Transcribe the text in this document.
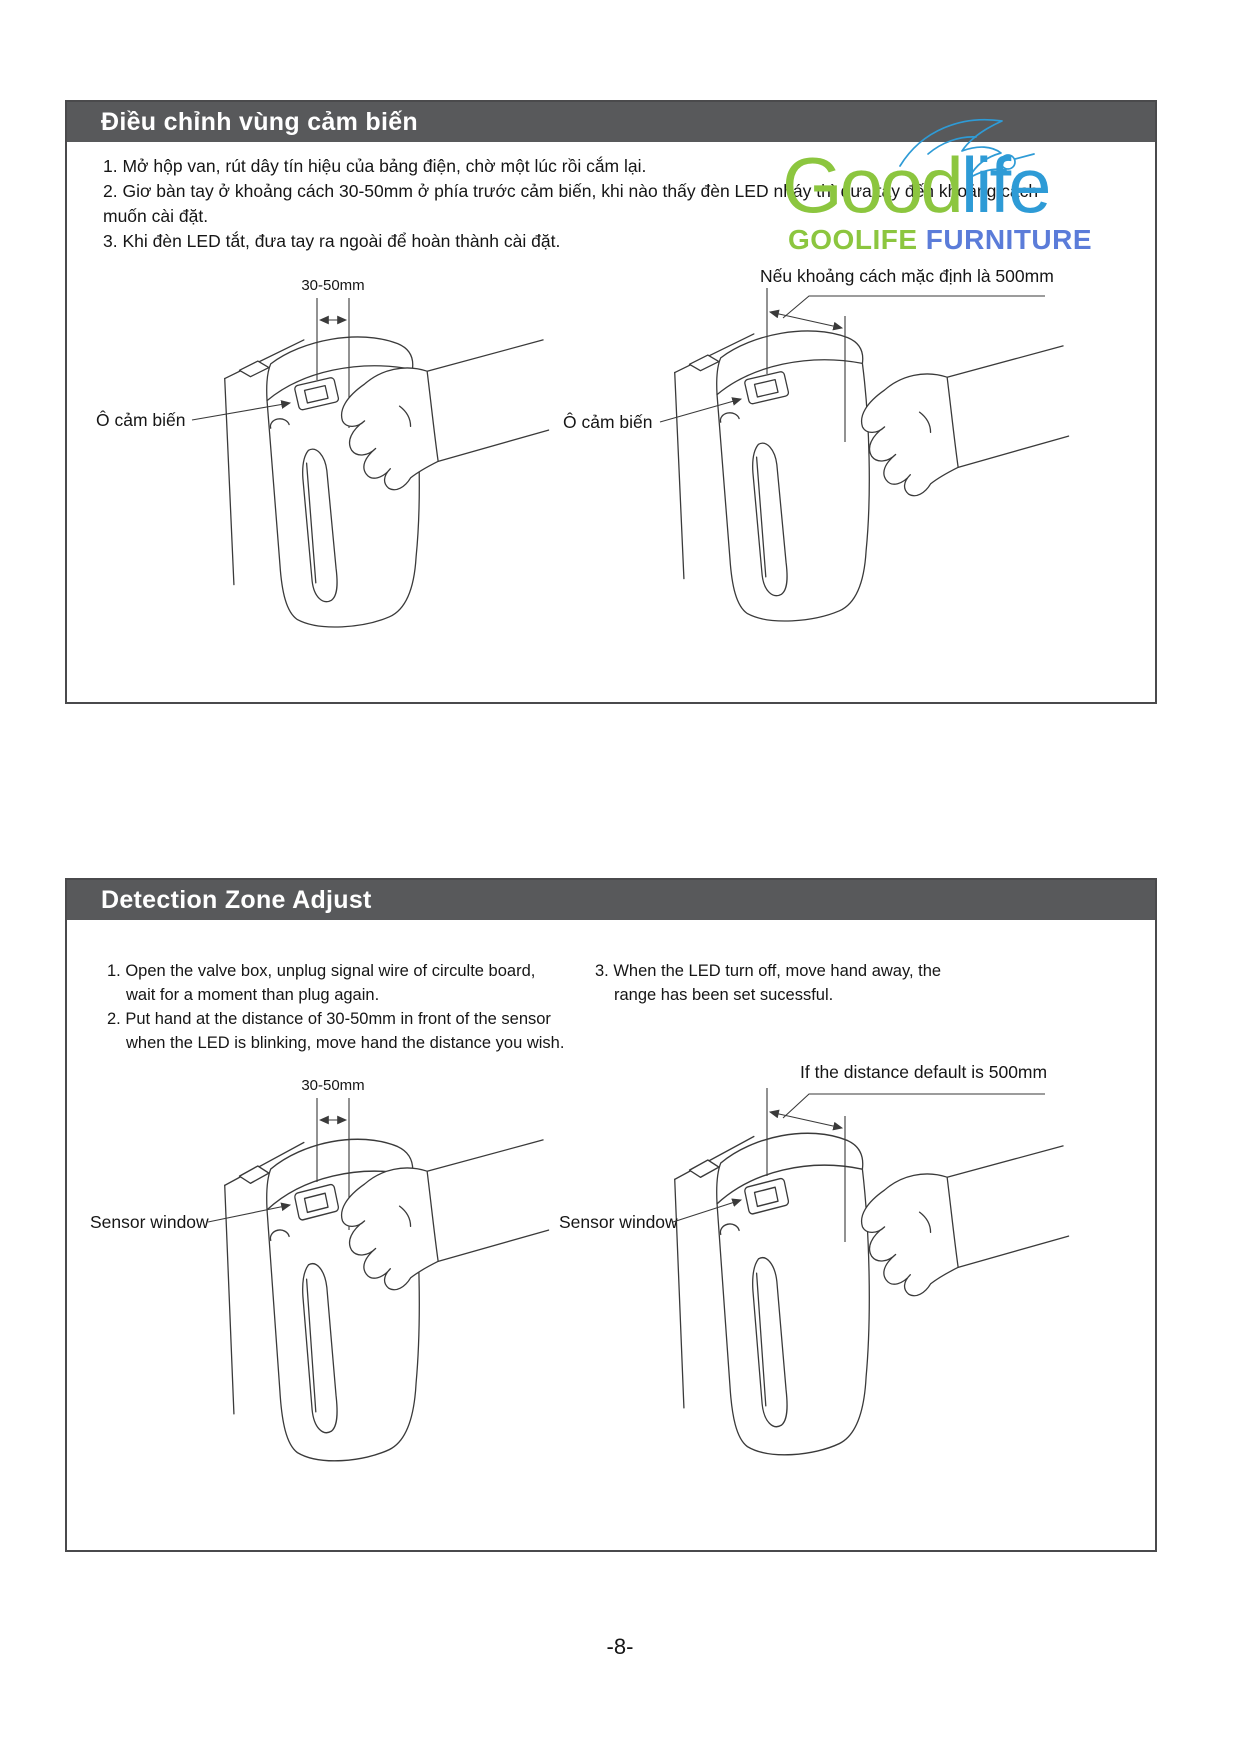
Điều chỉnh vùng cảm biến
1. Mở hộp van, rút dây tín hiệu của bảng điện, chờ một lúc rồi cắm lại.
2. Giơ bàn tay ở khoảng cách 30-50mm ở phía trước cảm biến, khi nào thấy đèn LED nháy thì đưa tay đến khoảng cách muốn cài đặt.
3. Khi đèn LED tắt, đưa tay ra ngoài để hoàn thành cài đặt.
Goodlife
GOOLIFE FURNITURE
30-50mm
Ô cảm biến
Nếu khoảng cách mặc định là 500mm
Ô cảm biến
Detection Zone Adjust
1. Open the valve box, unplug signal wire of circulte board, wait for a moment than plug again.
2. Put hand at the distance of 30-50mm in front of the sensor when the LED is blinking, move hand the distance you wish.
3. When the LED turn off, move hand away, the range has been set sucessful.
30-50mm
Sensor window
If the distance default is 500mm
Sensor window
-8-
